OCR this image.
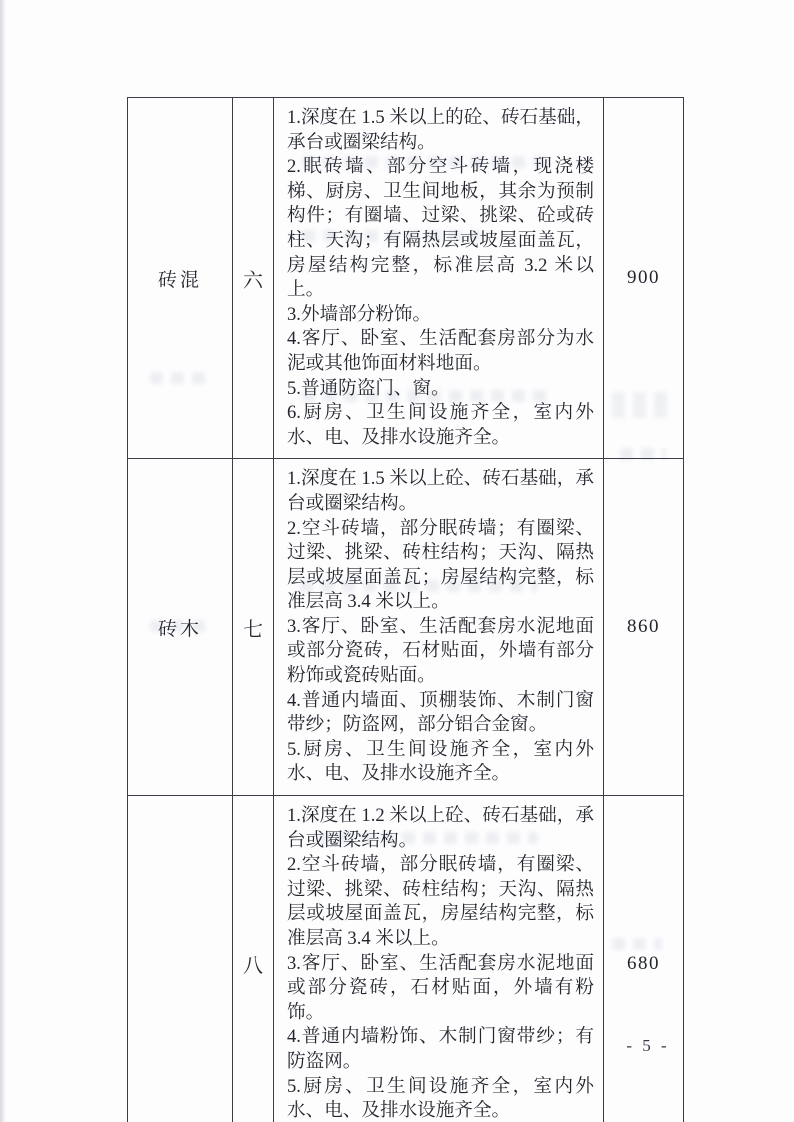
砖混	六	
1.深度在 1.5 米以上的砼、砖石基础，承台或圈梁结构。
2.眠砖墙、部分空斗砖墙，现浇楼梯、厨房、卫生间地板，其余为预制构件；有圈墙、过梁、挑梁、砼或砖柱、天沟；有隔热层或坡屋面盖瓦，房屋结构完整，标准层高 3.2 米以上。
3.外墙部分粉饰。
4.客厅、卧室、生活配套房部分为水泥或其他饰面材料地面。
5.普通防盗门、窗。
6.厨房、卫生间设施齐全，室内外水、电、及排水设施齐全。
	900
砖木	七	1.深度在 1.5 米以上砼、砖石基础，承台或圈梁结构。
2.空斗砖墙，部分眠砖墙；有圈梁、过梁、挑梁、砖柱结构；天沟、隔热层或坡屋面盖瓦；房屋结构完整，标准层高 3.4 米以上。
3.客厅、卧室、生活配套房水泥地面或部分瓷砖，石材贴面，外墙有部分粉饰或瓷砖贴面。
4.普通内墙面、顶棚装饰、木制门窗带纱；防盗网，部分铝合金窗。
5.厨房、卫生间设施齐全，室内外水、电、及排水设施齐全。	860
	八	1.深度在 1.2 米以上砼、砖石基础，承台或圈梁结构。
2.空斗砖墙，部分眠砖墙，有圈梁、过梁、挑梁、砖柱结构；天沟、隔热层或坡屋面盖瓦，房屋结构完整，标准层高 3.4 米以上。
3.客厅、卧室、生活配套房水泥地面或部分瓷砖，石材贴面，外墙有粉饰。
4.普通内墙粉饰、木制门窗带纱；有防盗网。
5.厨房、卫生间设施齐全，室内外水、电、及排水设施齐全。	680
- 5 -
